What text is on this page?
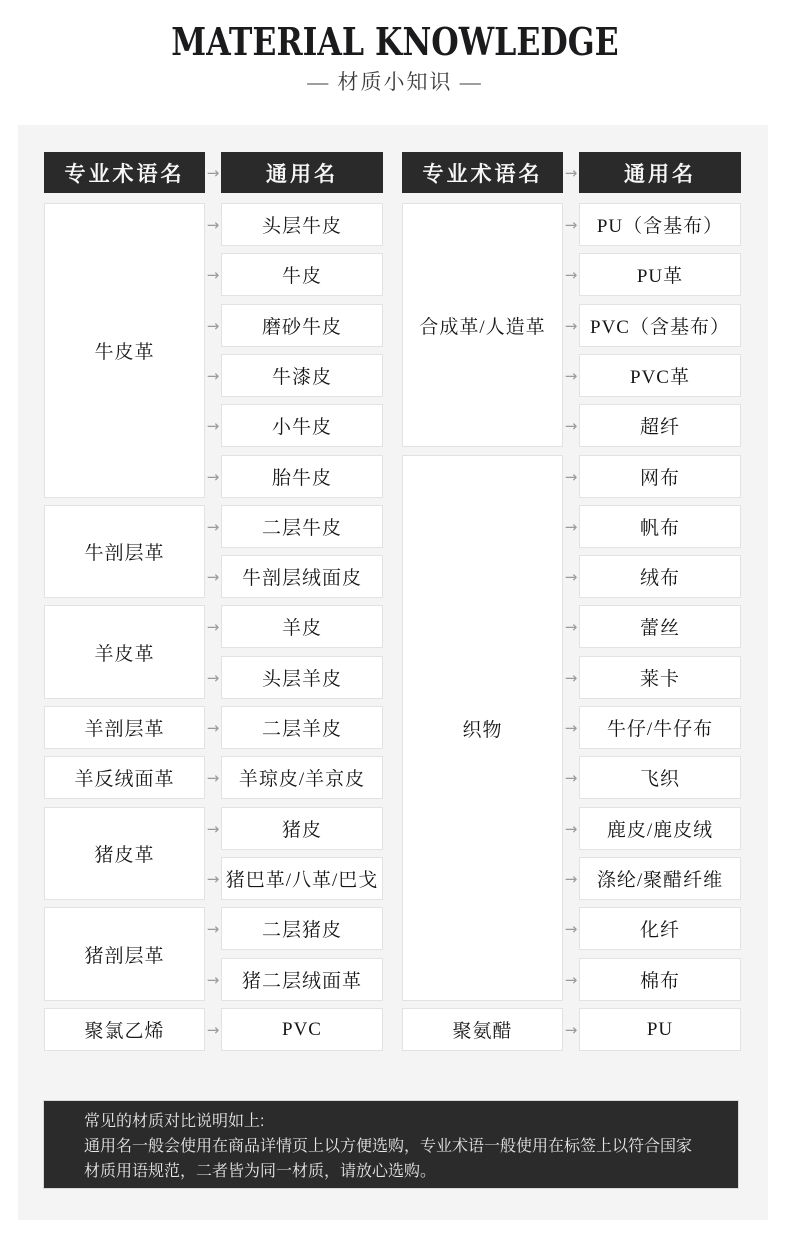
MATERIAL KNOWLEDGE
— 材质小知识 —
专业术语名	→	通用名
牛皮革
→	头层牛皮
→	牛皮
→	磨砂牛皮
→	牛漆皮
→	小牛皮
→	胎牛皮
牛剖层革
→	二层牛皮
→	牛剖层绒面皮
羊皮革
→	羊皮
→	头层羊皮
羊剖层革	→	二层羊皮
羊反绒面革	→	羊琼皮/羊京皮
猪皮革
→	猪皮
→ 猪巴革/八革/巴戈
猪剖层革
→	二层猪皮
→	猪二层绒面革
聚氯乙烯	→	PVC
专业术语名	→	通用名
合成革/人造革
→	PU（含基布）
→	PU革
→ PVC（含基布）
→	PVC革
→	超纤
织物
→	网布
→	帆布
→	绒布
→	蕾丝
→	莱卡
→	牛仔/牛仔布
→	飞织
→	鹿皮/鹿皮绒
→	涤纶/聚醋纤维
→	化纤
→	棉布
聚氨醋	→	PU
常见的材质对比说明如上:
通用名一般会使用在商品详情页上以方便选购，专业术语一般使用在标签上以符合国家材质用语规范，二者皆为同一材质，请放心选购。
